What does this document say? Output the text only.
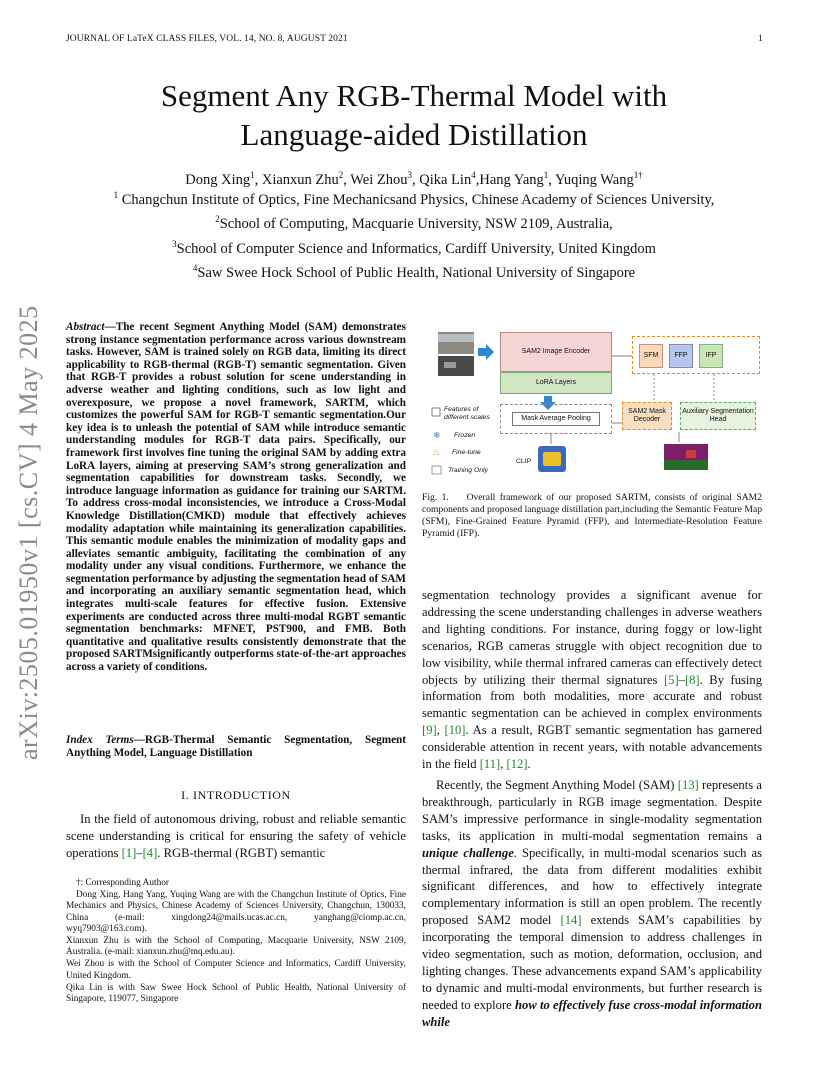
JOURNAL OF LaTeX CLASS FILES, VOL. 14, NO. 8, AUGUST 2021	1
Segment Any RGB-Thermal Model with
Language-aided Distillation
Dong Xing$^1$, Xianxun Zhu$^2$, Wei Zhou$^3$, Qika Lin$^4$,Hang Yang$^1$, Yuqing Wang$^{1\dagger}$
$^1$ Changchun Institute of Optics, Fine Mechanicsand Physics, Chinese Academy of Sciences University,
$^2$School of Computing, Macquarie University, NSW 2109, Australia,
$^3$School of Computer Science and Informatics, Cardiff University, United Kingdom
$^4$Saw Swee Hock School of Public Health, National University of Singapore
arXiv:2505.01950v1 [cs.CV] 4 May 2025	Abstract—The recent Segment Anything Model (SAM) demonstrates strong instance segmentation performance across various downstream tasks. However, SAM is trained solely on RGB data, limiting its direct applicability to RGB-thermal (RGB-T) semantic segmentation. Given that RGB-T provides a robust solution for scene understanding in adverse weather and lighting conditions, such as low light and overexposure, we propose a novel framework, SARTM, which customizes the powerful SAM for RGB-T semantic segmentation.Our key idea is to unleash the potential of SAM while introduce semantic understanding modules for RGB-T data pairs. Specifically, our framework first involves fine tuning the original SAM by adding extra LoRA layers, aiming at preserving SAM’s strong generalization and segmentation capabilities for downstream tasks. Secondly, we introduce language information as guidance for training our SARTM. To address cross-modal inconsistencies, we introduce a Cross-Modal Knowledge Distillation(CMKD) module that effectively achieves modality adaptation while maintaining its generalization capabilities. This semantic module enables the minimization of modality gaps and alleviates semantic ambiguity, facilitating the combination of any modality under any visual conditions. Furthermore, we enhance the segmentation performance by adjusting the segmentation head of SAM and incorporating an auxiliary semantic segmentation head, which integrates multi-scale features for effective fusion. Extensive experiments are conducted across three multi-modal RGBT semantic segmentation benchmarks: MFNET, PST900, and FMB. Both quantitative and qualitative results consistently demonstrate that the proposed SARTMsignificantly outperforms state-of-the-art approaches across a variety of conditions.
Index Terms—RGB-Thermal Semantic Segmentation, Segment Anything Model, Language Distillation
I. INTRODUCTION
In the field of autonomous driving, robust and reliable semantic scene understanding is critical for ensuring the safety of vehicle operations [1]–[4]. RGB-thermal (RGBT) semantic

†: Corresponding Author

Dong Xing, Hang Yang, Yuqing Wang are with the Changchun Institute of Optics, Fine Mechanics and Physics, Chinese Academy of Sciences University, Changchun, 130033, China (e-mail: xingdong24@mails.ucas.ac.cn, yanghang@ciomp.ac.cn, wyq7903@163.com).

Xianxun Zhu is with the School of Computing, Macquarie University, NSW 2109, Australia. (e-mail: xianxun.zhu@mq.edu.au).

Wei Zhou is with the School of Computer Science and Informatics, Cardiff University, United Kingdom.

Qika Lin is with Saw Swee Hock School of Public Health, National University of Singapore, 119077, Singapore

❄
♨
SAM2 Image Encoder
LoRA Layers
Mask Average Pooling
SFM	FFP	IFP
SAM2 Mask Decoder
Auxiliary Segmentation Head
CLIP
Features of different scales
Frozen
Fine-tune
Training Only
Fig. 1. Overall framework of our proposed SARTM, consists of original SAM2 components and proposed language distillation part,including the Semantic Feature Map (SFM), Fine-Grained Feature Pyramid (FFP), and Intermediate-Resolution Feature Pyramid (IFP).

segmentation technology provides a significant avenue for addressing the scene understanding challenges in adverse weathers and lighting conditions. For instance, during foggy or low-light scenarios, RGB cameras struggle with object recognition due to low visibility, while thermal infrared cameras can effectively detect objects by utilizing their thermal signatures [5]–[8]. By fusing information from both modalities, more accurate and robust semantic segmentation can be achieved in complex environments [9], [10]. As a result, RGBT semantic segmentation has garnered considerable attention in recent years, with notable advancements in the field [11], [12].

Recently, the Segment Anything Model (SAM) [13] represents a breakthrough, particularly in RGB image segmentation. Despite SAM’s impressive performance in single-modality segmentation tasks, its application in multi-modal segmentation remains a unique challenge. Specifically, in multi-modal scenarios such as thermal infrared, the data from different modalities exhibit significant differences, and how to effectively integrate complementary information is still an open problem. The recently proposed SAM2 model [14] extends SAM’s capabilities by incorporating the temporal dimension to address challenges in video segmentation, such as motion, deformation, occlusion, and lighting changes. These advancements expand SAM’s applicability to dynamic and multi-modal environments, but further research is needed to explore how to effectively fuse cross-modal information while
